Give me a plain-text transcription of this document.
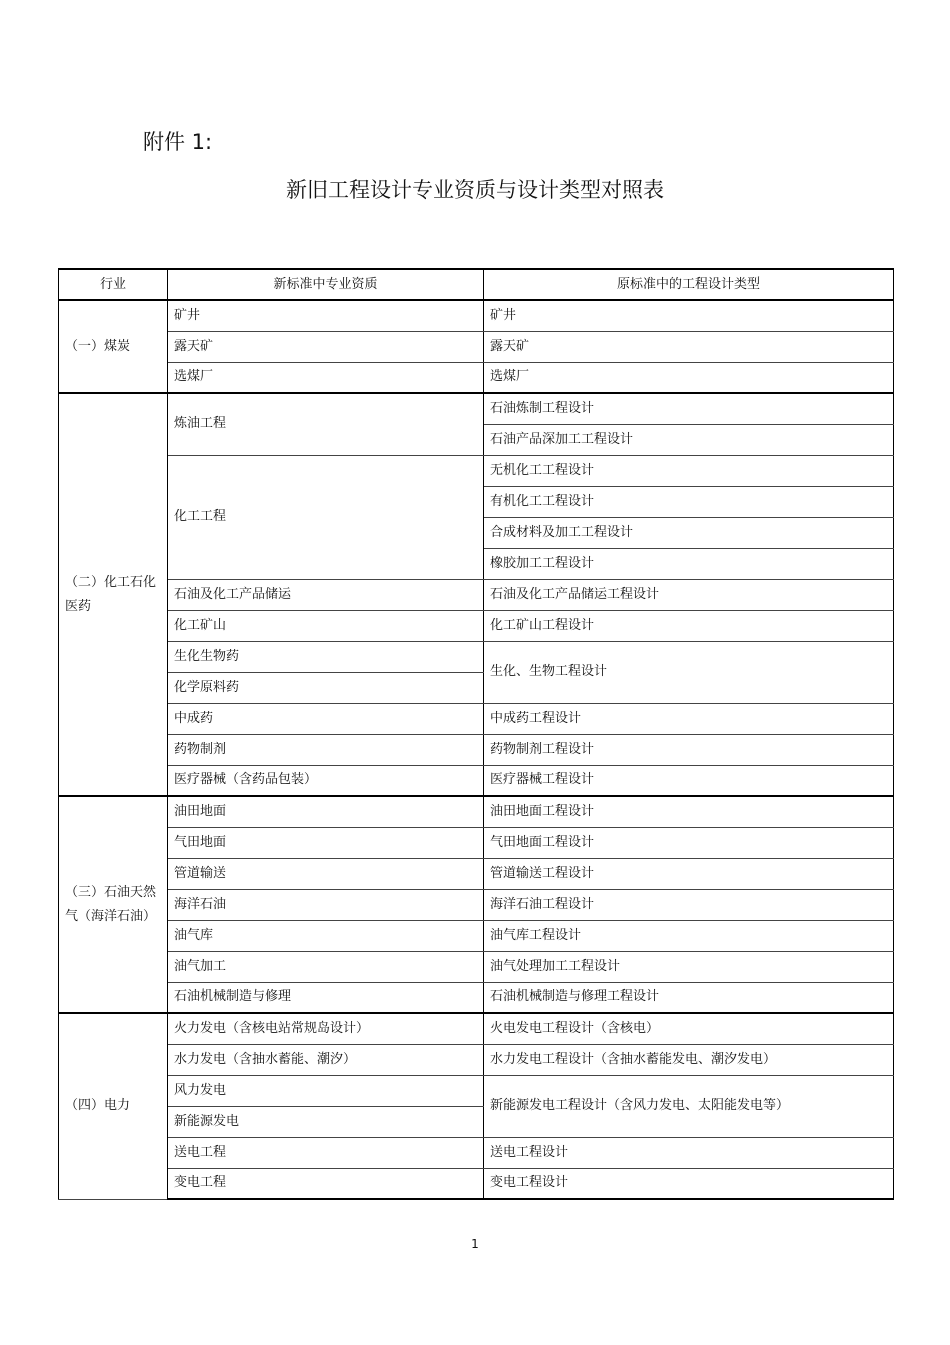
附件 1:
新旧工程设计专业资质与设计类型对照表
行业	新标准中专业资质	原标准中的工程设计类型
（一）煤炭	矿井	矿井
	露天矿	露天矿
	选煤厂	选煤厂
（二）化工石化医药	炼油工程	石油炼制工程设计
		石油产品深加工工程设计
	化工工程	无机化工工程设计
		有机化工工程设计
		合成材料及加工工程设计
		橡胶加工工程设计
	石油及化工产品储运	石油及化工产品储运工程设计
	化工矿山	化工矿山工程设计
	生化生物药	生化、生物工程设计
	化学原料药	
	中成药	中成药工程设计
	药物制剂	药物制剂工程设计
	医疗器械（含药品包装）	医疗器械工程设计
（三）石油天然气（海洋石油）	油田地面	油田地面工程设计
	气田地面	气田地面工程设计
	管道输送	管道输送工程设计
	海洋石油	海洋石油工程设计
	油气库	油气库工程设计
	油气加工	油气处理加工工程设计
	石油机械制造与修理	石油机械制造与修理工程设计
（四）电力	火力发电（含核电站常规岛设计）	火电发电工程设计（含核电）
	水力发电（含抽水蓄能、潮汐）	水力发电工程设计（含抽水蓄能发电、潮汐发电）
	风力发电	新能源发电工程设计（含风力发电、太阳能发电等）
	新能源发电	
	送电工程	送电工程设计
	变电工程	变电工程设计
1
